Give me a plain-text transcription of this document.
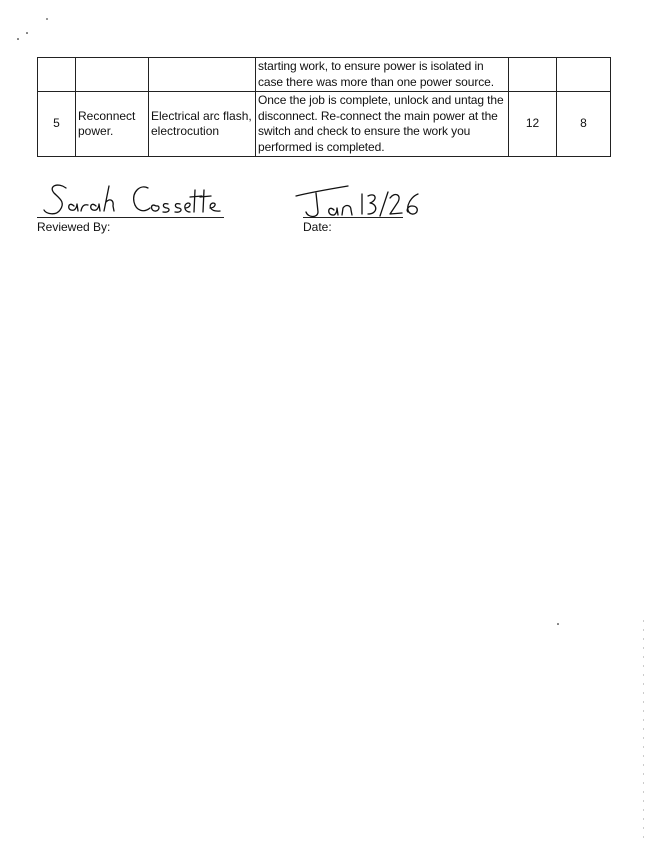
			starting work, to ensure power is isolated in case there was more than one power source.		
5	Reconnect power.	Electrical arc flash, electrocution	Once the job is complete, unlock and untag the disconnect. Re-connect the main power at the switch and check to ensure the work you performed is completed.	12	8
Reviewed By:	Date:
